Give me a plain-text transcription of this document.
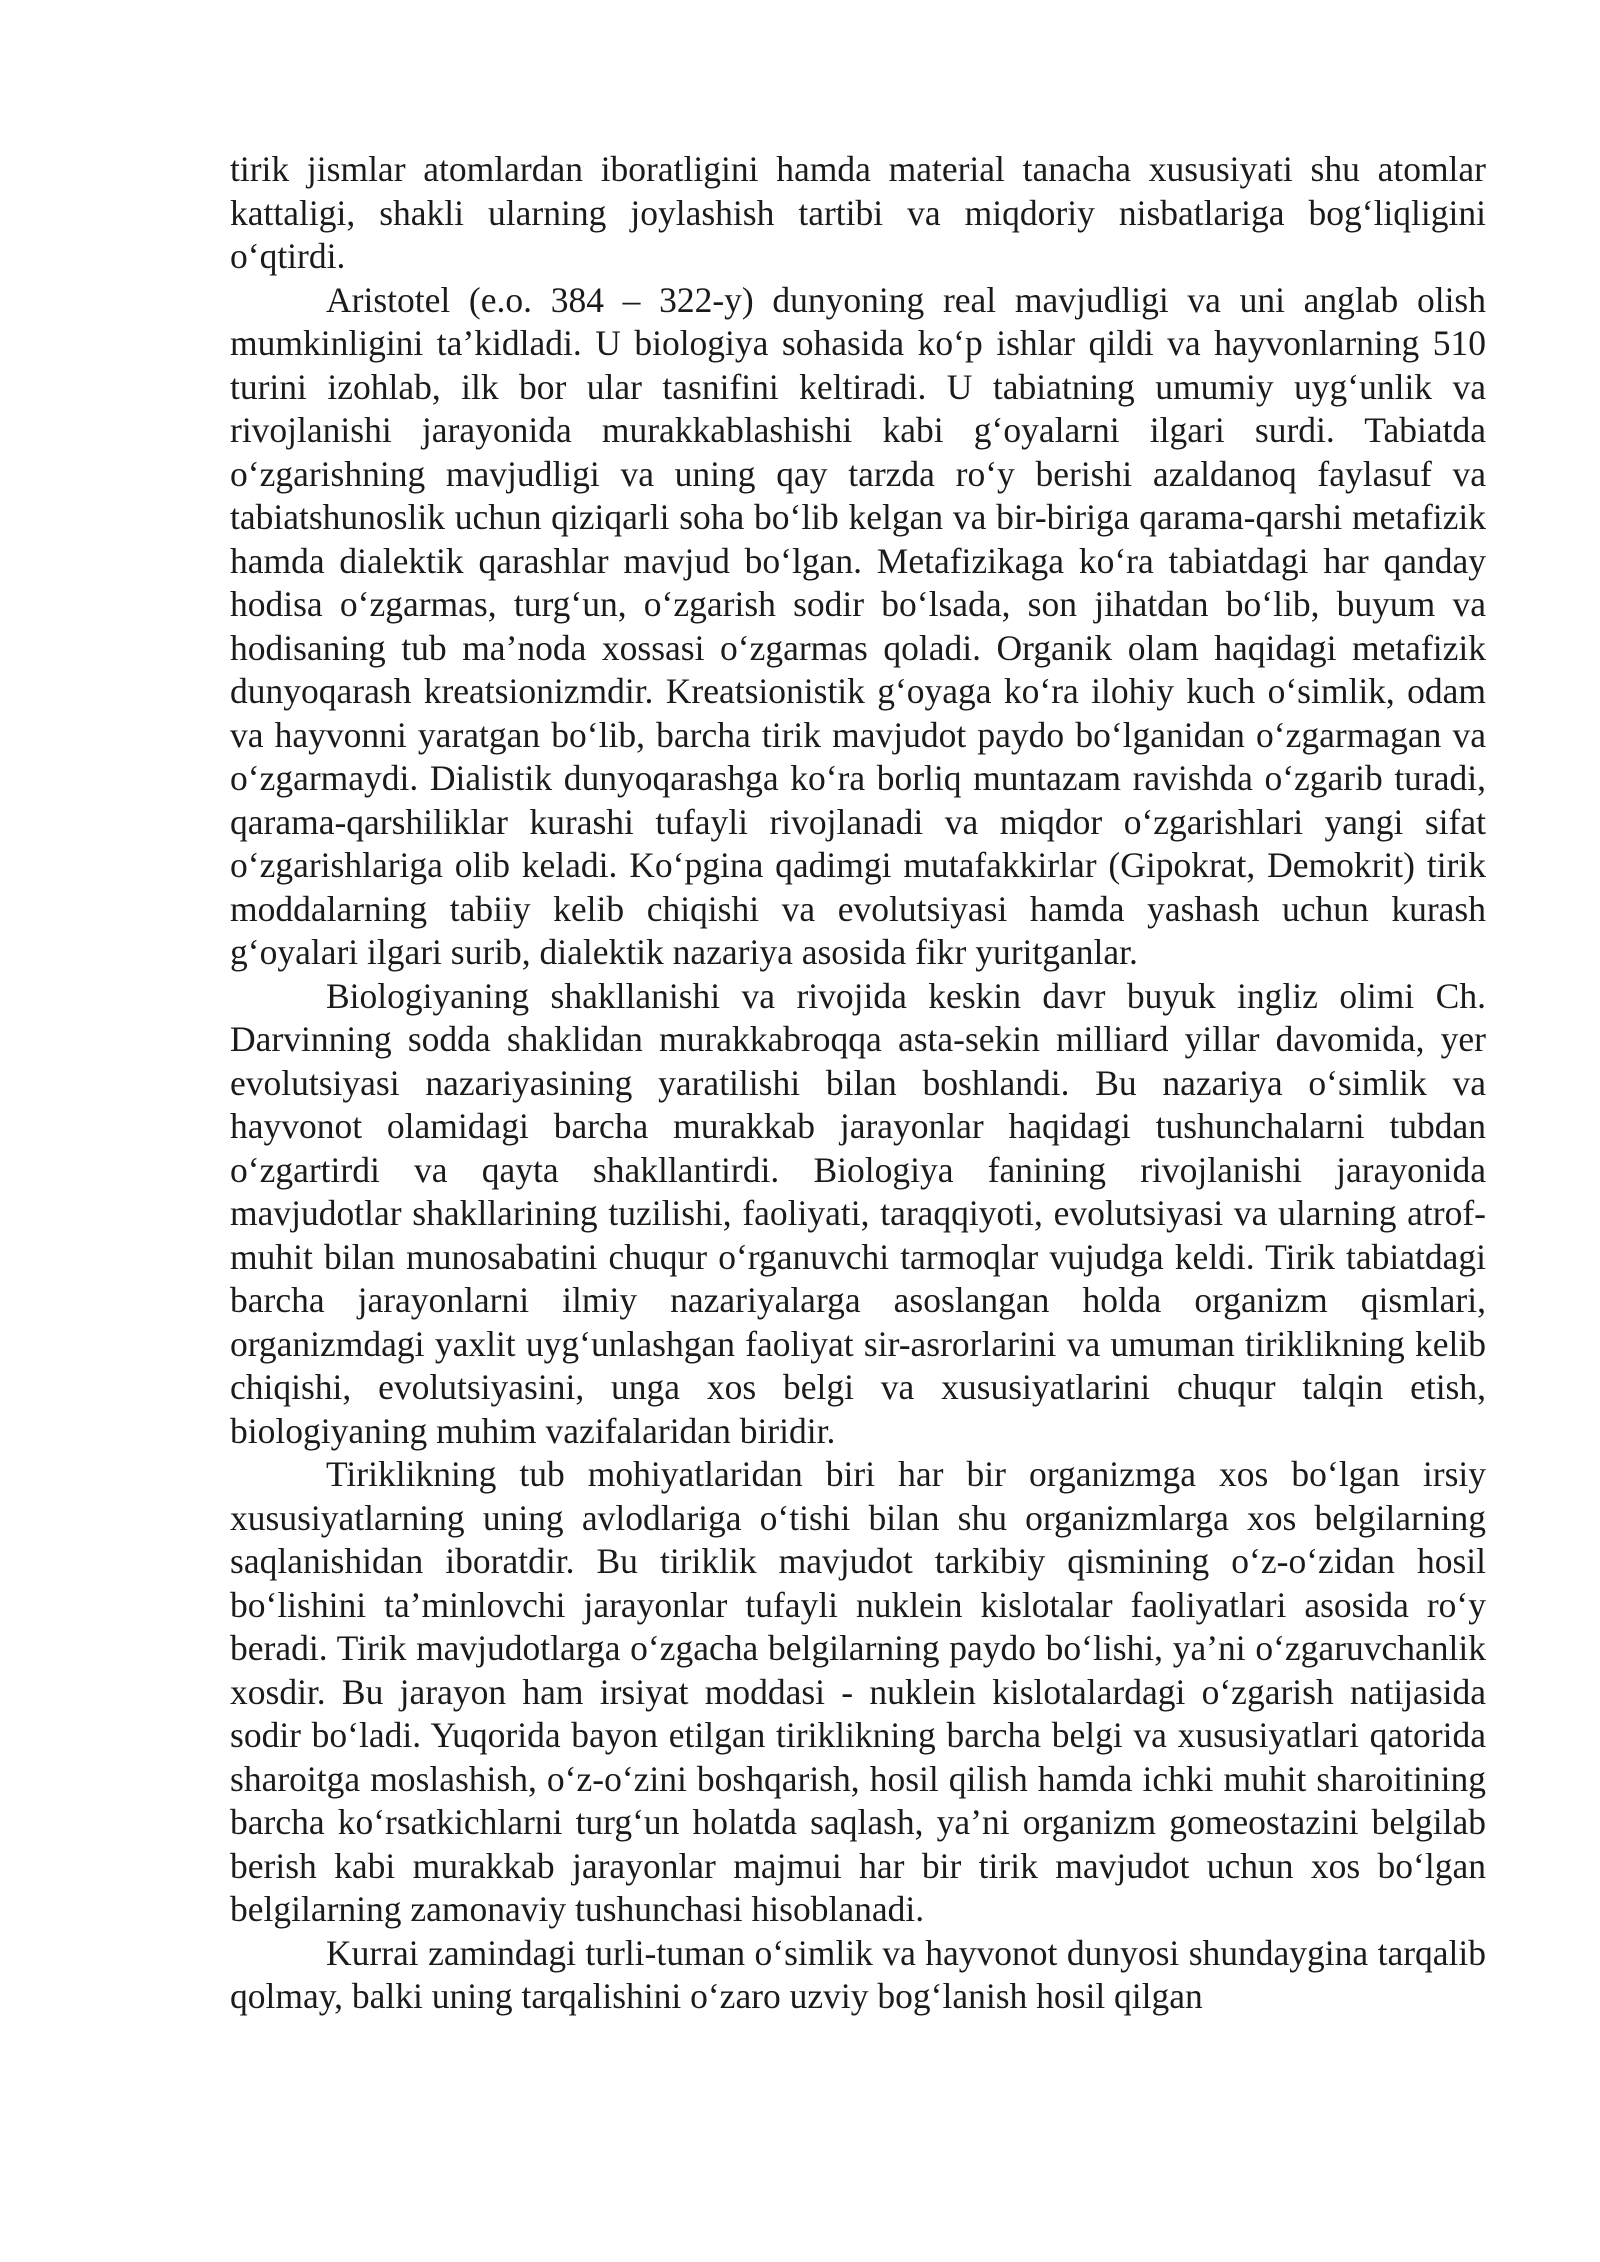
tirik jismlar atomlardan iboratligini hamda material tanacha xususiyati shu atomlar kattaligi, shakli ularning joylashish tartibi va miqdoriy nisbatlariga bog‘liqligini o‘qtirdi.

Aristotel (e.o. 384 – 322-y) dunyoning real mavjudligi va uni anglab olish mumkinligini ta’kidladi. U biologiya sohasida ko‘p ishlar qildi va hayvonlarning 510 turini izohlab, ilk bor ular tasnifini keltiradi. U tabiatning umumiy uyg‘unlik va rivojlanishi jarayonida murakkablashishi kabi g‘oyalarni ilgari surdi. Tabiatda o‘zgarishning mavjudligi va uning qay tarzda ro‘y berishi azaldanoq faylasuf va tabiatshunoslik uchun qiziqarli soha bo‘lib kelgan va bir-biriga qarama-qarshi metafizik hamda dialektik qarashlar mavjud bo‘lgan. Metafizikaga ko‘ra tabiatdagi har qanday hodisa o‘zgarmas, turg‘un, o‘zgarish sodir bo‘lsada, son jihatdan bo‘lib, buyum va hodisaning tub ma’noda xossasi o‘zgarmas qoladi. Organik olam haqidagi metafizik dunyoqarash kreatsionizmdir. Kreatsionistik g‘oyaga ko‘ra ilohiy kuch o‘simlik, odam va hayvonni yaratgan bo‘lib, barcha tirik mavjudot paydo bo‘lganidan o‘zgarmagan va o‘zgarmaydi. Dialistik dunyoqarashga ko‘ra borliq muntazam ravishda o‘zgarib turadi, qarama-qarshiliklar kurashi tufayli rivojlanadi va miqdor o‘zgarishlari yangi sifat o‘zgarishlariga olib keladi. Ko‘pgina qadimgi mutafakkirlar (Gipokrat, Demokrit) tirik moddalarning tabiiy kelib chiqishi va evolutsiyasi hamda yashash uchun kurash g‘oyalari ilgari surib, dialektik nazariya asosida fikr yuritganlar.

Biologiyaning shakllanishi va rivojida keskin davr buyuk ingliz olimi Ch. Darvinning sodda shaklidan murakkabroqqa asta-sekin milliard yillar davomida, yer evolutsiyasi nazariyasining yaratilishi bilan boshlandi. Bu nazariya o‘simlik va hayvonot olamidagi barcha murakkab jarayonlar haqidagi tushunchalarni tubdan o‘zgartirdi va qayta shakllantirdi. Biologiya fanining rivojlanishi jarayonida mavjudotlar shakllarining tuzilishi, faoliyati, taraqqiyoti, evolutsiyasi va ularning atrof-muhit bilan munosabatini chuqur o‘rganuvchi tarmoqlar vujudga keldi. Tirik tabiatdagi barcha jarayonlarni ilmiy nazariyalarga asoslangan holda organizm qismlari, organizmdagi yaxlit uyg‘unlashgan faoliyat sir-asrorlarini va umuman tiriklikning kelib chiqishi, evolutsiyasini, unga xos belgi va xususiyatlarini chuqur talqin etish, biologiyaning muhim vazifalaridan biridir.

Tiriklikning tub mohiyatlaridan biri har bir organizmga xos bo‘lgan irsiy xususiyatlarning uning avlodlariga o‘tishi bilan shu organizmlarga xos belgilarning saqlanishidan iboratdir. Bu tiriklik mavjudot tarkibiy qismining o‘z-o‘zidan hosil bo‘lishini ta’minlovchi jarayonlar tufayli nuklein kislotalar faoliyatlari asosida ro‘y beradi. Tirik mavjudotlarga o‘zgacha belgilarning paydo bo‘lishi, ya’ni o‘zgaruvchanlik xosdir. Bu jarayon ham irsiyat moddasi - nuklein kislotalardagi o‘zgarish natijasida sodir bo‘ladi. Yuqorida bayon etilgan tiriklikning barcha belgi va xususiyatlari qatorida sharoitga moslashish, o‘z-o‘zini boshqarish, hosil qilish hamda ichki muhit sharoitining barcha ko‘rsatkichlarni turg‘un holatda saqlash, ya’ni organizm gomeostazini belgilab berish kabi murakkab jarayonlar majmui har bir tirik mavjudot uchun xos bo‘lgan belgilarning zamonaviy tushunchasi hisoblanadi.

Kurrai zamindagi turli-tuman o‘simlik va hayvonot dunyosi shundaygina tarqalib qolmay, balki uning tarqalishini o‘zaro uzviy bog‘lanish hosil qilgan
